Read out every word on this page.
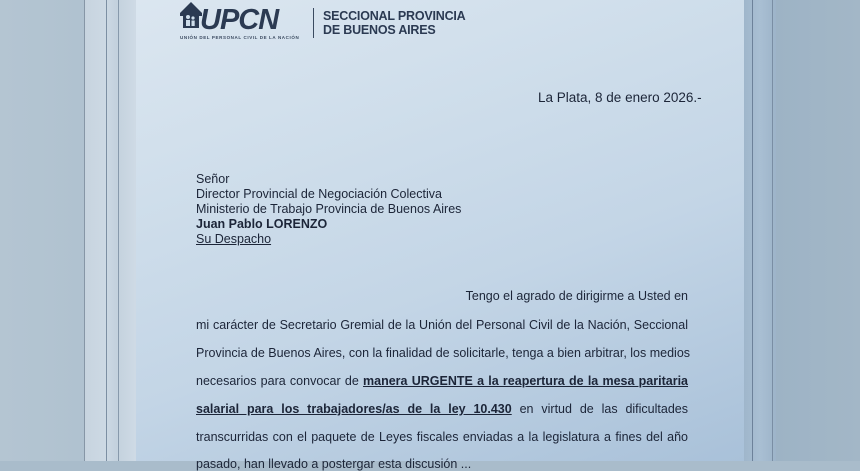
UPCN
UNIÓN DEL PERSONAL CIVIL DE LA NACIÓN
SECCIONAL PROVINCIA
DE BUENOS AIRES
La Plata, 8 de enero 2026.-
Señor
Director Provincial de Negociación Colectiva
Ministerio de Trabajo Provincia de Buenos Aires
Juan Pablo LORENZO
Su Despacho
Tengo el agrado de dirigirme a Usted en
mi carácter de Secretario Gremial de la Unión del Personal Civil de la Nación, Seccional
Provincia de Buenos Aires, con la finalidad de solicitarle, tenga a bien arbitrar, los medios
necesarios para convocar de manera URGENTE a la reapertura de la mesa paritaria
salarial para los trabajadores/as de la ley 10.430 en virtud de las dificultades
transcurridas con el paquete de Leyes fiscales enviadas a la legislatura a fines del año
pasado, han llevado a postergar esta discusión ...
